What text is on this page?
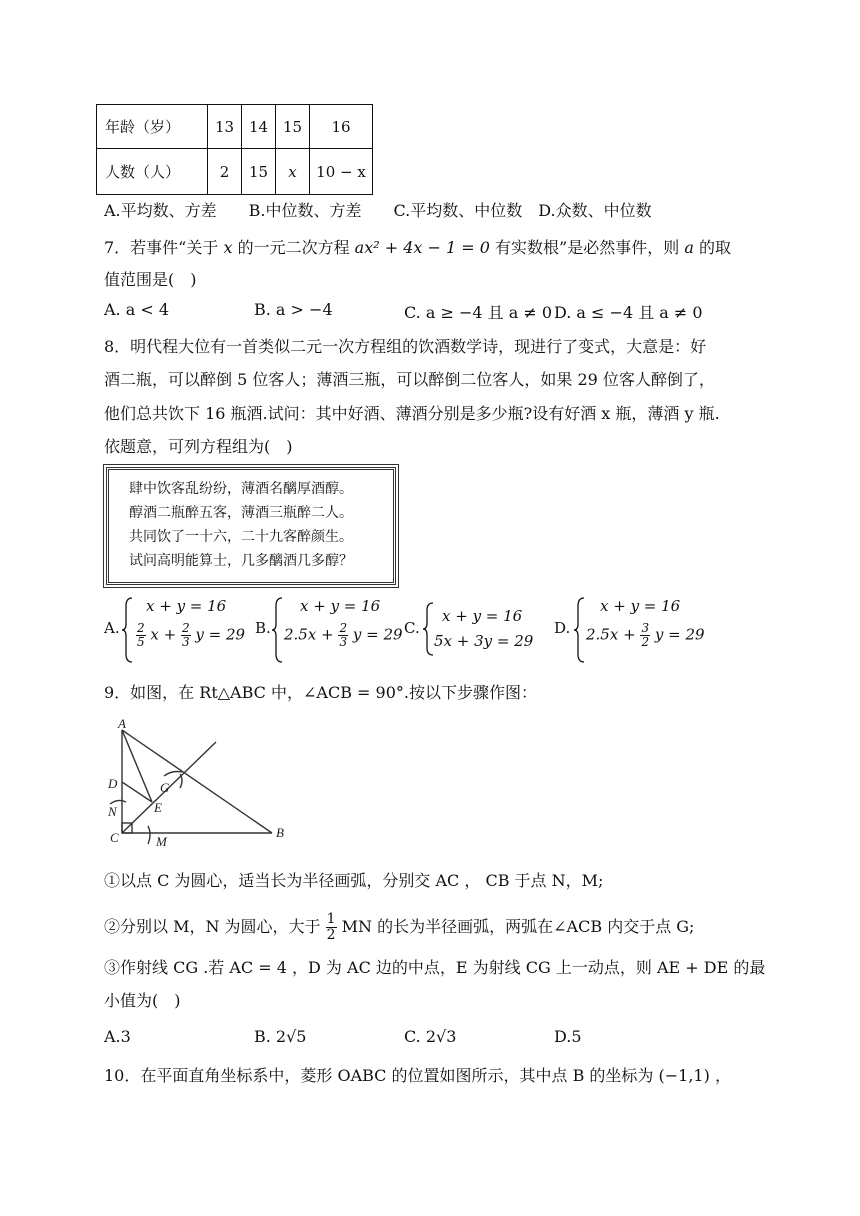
年龄（岁）	13	14	15	16
人数（人）	2	15	x	10 − x
A.平均数、方差　　B.中位数、方差　　C.平均数、中位数　D.众数、中位数
7．若事件“关于 x 的一元二次方程 ax² + 4x − 1 = 0 有实数根”是必然事件，则 a 的取
值范围是(　)
A. a < 4	B. a > −4	C. a ≥ −4 且 a ≠ 0 D. a ≤ −4 且 a ≠ 0
8．明代程大位有一首类似二元一次方程组的饮酒数学诗，现进行了变式，大意是：好
酒二瓶，可以醉倒 5 位客人；薄酒三瓶，可以醉倒二位客人，如果 29 位客人醉倒了，
他们总共饮下 16 瓶酒.试问：其中好酒、薄酒分别是多少瓶?设有好酒 x 瓶，薄酒 y 瓶.
依题意，可列方程组为(　)
肆中饮客乱纷纷，薄酒名醨厚酒醇。
醇酒二瓶醉五客，薄酒三瓶醉二人。
共同饮了一十六，二十九客醉颜生。
试问高明能算士，几多醨酒几多醇？
A.
x + y = 16
$\frac{2}{5}$ $x + \frac{2}{3}$ y = 29 B.
x + y = 16
$2.5x + \frac{2}{3}$ y = 29 C.
x + y = 16
5x + 3y = 29
D.
x + y = 16
$2.5x + \frac{3}{2}$ y = 29
9．如图，在 Rt△ABC 中，∠ACB = 90°.按以下步骤作图：
A
D	G
E
N
C	M
B
①以点 C 为圆心，适当长为半径画弧，分别交 AC ， CB 于点 N，M;
②分别以 M，N 为圆心，大于 $\frac{1}{2}$ MN 的长为半径画弧，两弧在∠ACB 内交于点 G;
③作射线 CG .若 AC = 4 ，D 为 AC 边的中点，E 为射线 CG 上一动点，则 AE + DE 的最
小值为(　)
A.3	B. 2√5	C. 2√3	D.5
10．在平面直角坐标系中，菱形 OABC 的位置如图所示，其中点 B 的坐标为 (−1,1) ，
